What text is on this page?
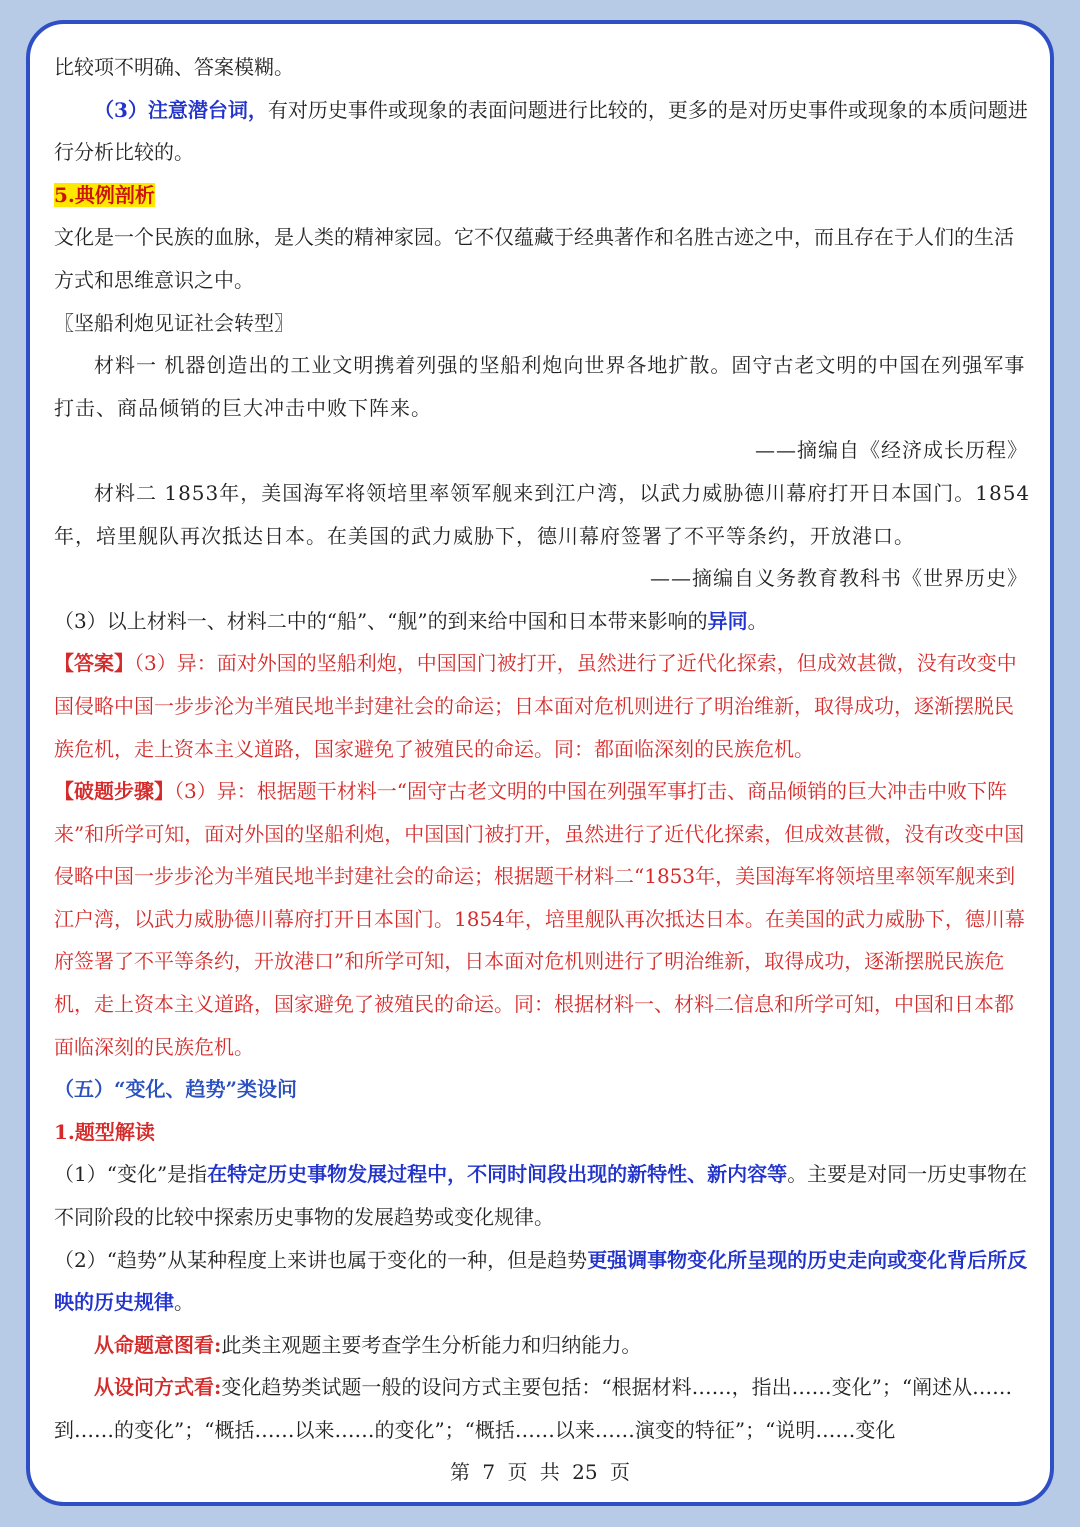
比较项不明确、答案模糊。

（3）注意潜台词，有对历史事件或现象的表面问题进行比较的，更多的是对历史事件或现象的本质问题进行分析比较的。

5.典例剖析

文化是一个民族的血脉，是人类的精神家园。它不仅蕴藏于经典著作和名胜古迹之中，而且存在于人们的生活方式和思维意识之中。

〖坚船利炮见证社会转型〗

材料一 机器创造出的工业文明携着列强的坚船利炮向世界各地扩散。固守古老文明的中国在列强军事打击、商品倾销的巨大冲击中败下阵来。

——摘编自《经济成长历程》

材料二 1853年，美国海军将领培里率领军舰来到江户湾，以武力威胁德川幕府打开日本国门。1854年，培里舰队再次抵达日本。在美国的武力威胁下，德川幕府签署了不平等条约，开放港口。

——摘编自义务教育教科书《世界历史》

（3）以上材料一、材料二中的“船”、“舰”的到来给中国和日本带来影响的异同。

【答案】（3）异：面对外国的坚船利炮，中国国门被打开，虽然进行了近代化探索，但成效甚微，没有改变中国侵略中国一步步沦为半殖民地半封建社会的命运；日本面对危机则进行了明治维新，取得成功，逐渐摆脱民族危机，走上资本主义道路，国家避免了被殖民的命运。同：都面临深刻的民族危机。

【破题步骤】（3）异：根据题干材料一“固守古老文明的中国在列强军事打击、商品倾销的巨大冲击中败下阵来”和所学可知，面对外国的坚船利炮，中国国门被打开，虽然进行了近代化探索，但成效甚微，没有改变中国侵略中国一步步沦为半殖民地半封建社会的命运；根据题干材料二“1853年，美国海军将领培里率领军舰来到江户湾，以武力威胁德川幕府打开日本国门。1854年，培里舰队再次抵达日本。在美国的武力威胁下，德川幕府签署了不平等条约，开放港口”和所学可知，日本面对危机则进行了明治维新，取得成功，逐渐摆脱民族危机，走上资本主义道路，国家避免了被殖民的命运。同：根据材料一、材料二信息和所学可知，中国和日本都面临深刻的民族危机。

（五）“变化、趋势”类设问

1.题型解读

（1）“变化”是指在特定历史事物发展过程中，不同时间段出现的新特性、新内容等。主要是对同一历史事物在不同阶段的比较中探索历史事物的发展趋势或变化规律。

（2）“趋势”从某种程度上来讲也属于变化的一种，但是趋势更强调事物变化所呈现的历史走向或变化背后所反映的历史规律。

从命题意图看:此类主观题主要考查学生分析能力和归纳能力。

从设问方式看:变化趋势类试题一般的设问方式主要包括：“根据材料……，指出……变化”；“阐述从……到……的变化”；“概括……以来……的变化”；“概括……以来……演变的特征”；“说明……变化

第 7 页 共 25 页
